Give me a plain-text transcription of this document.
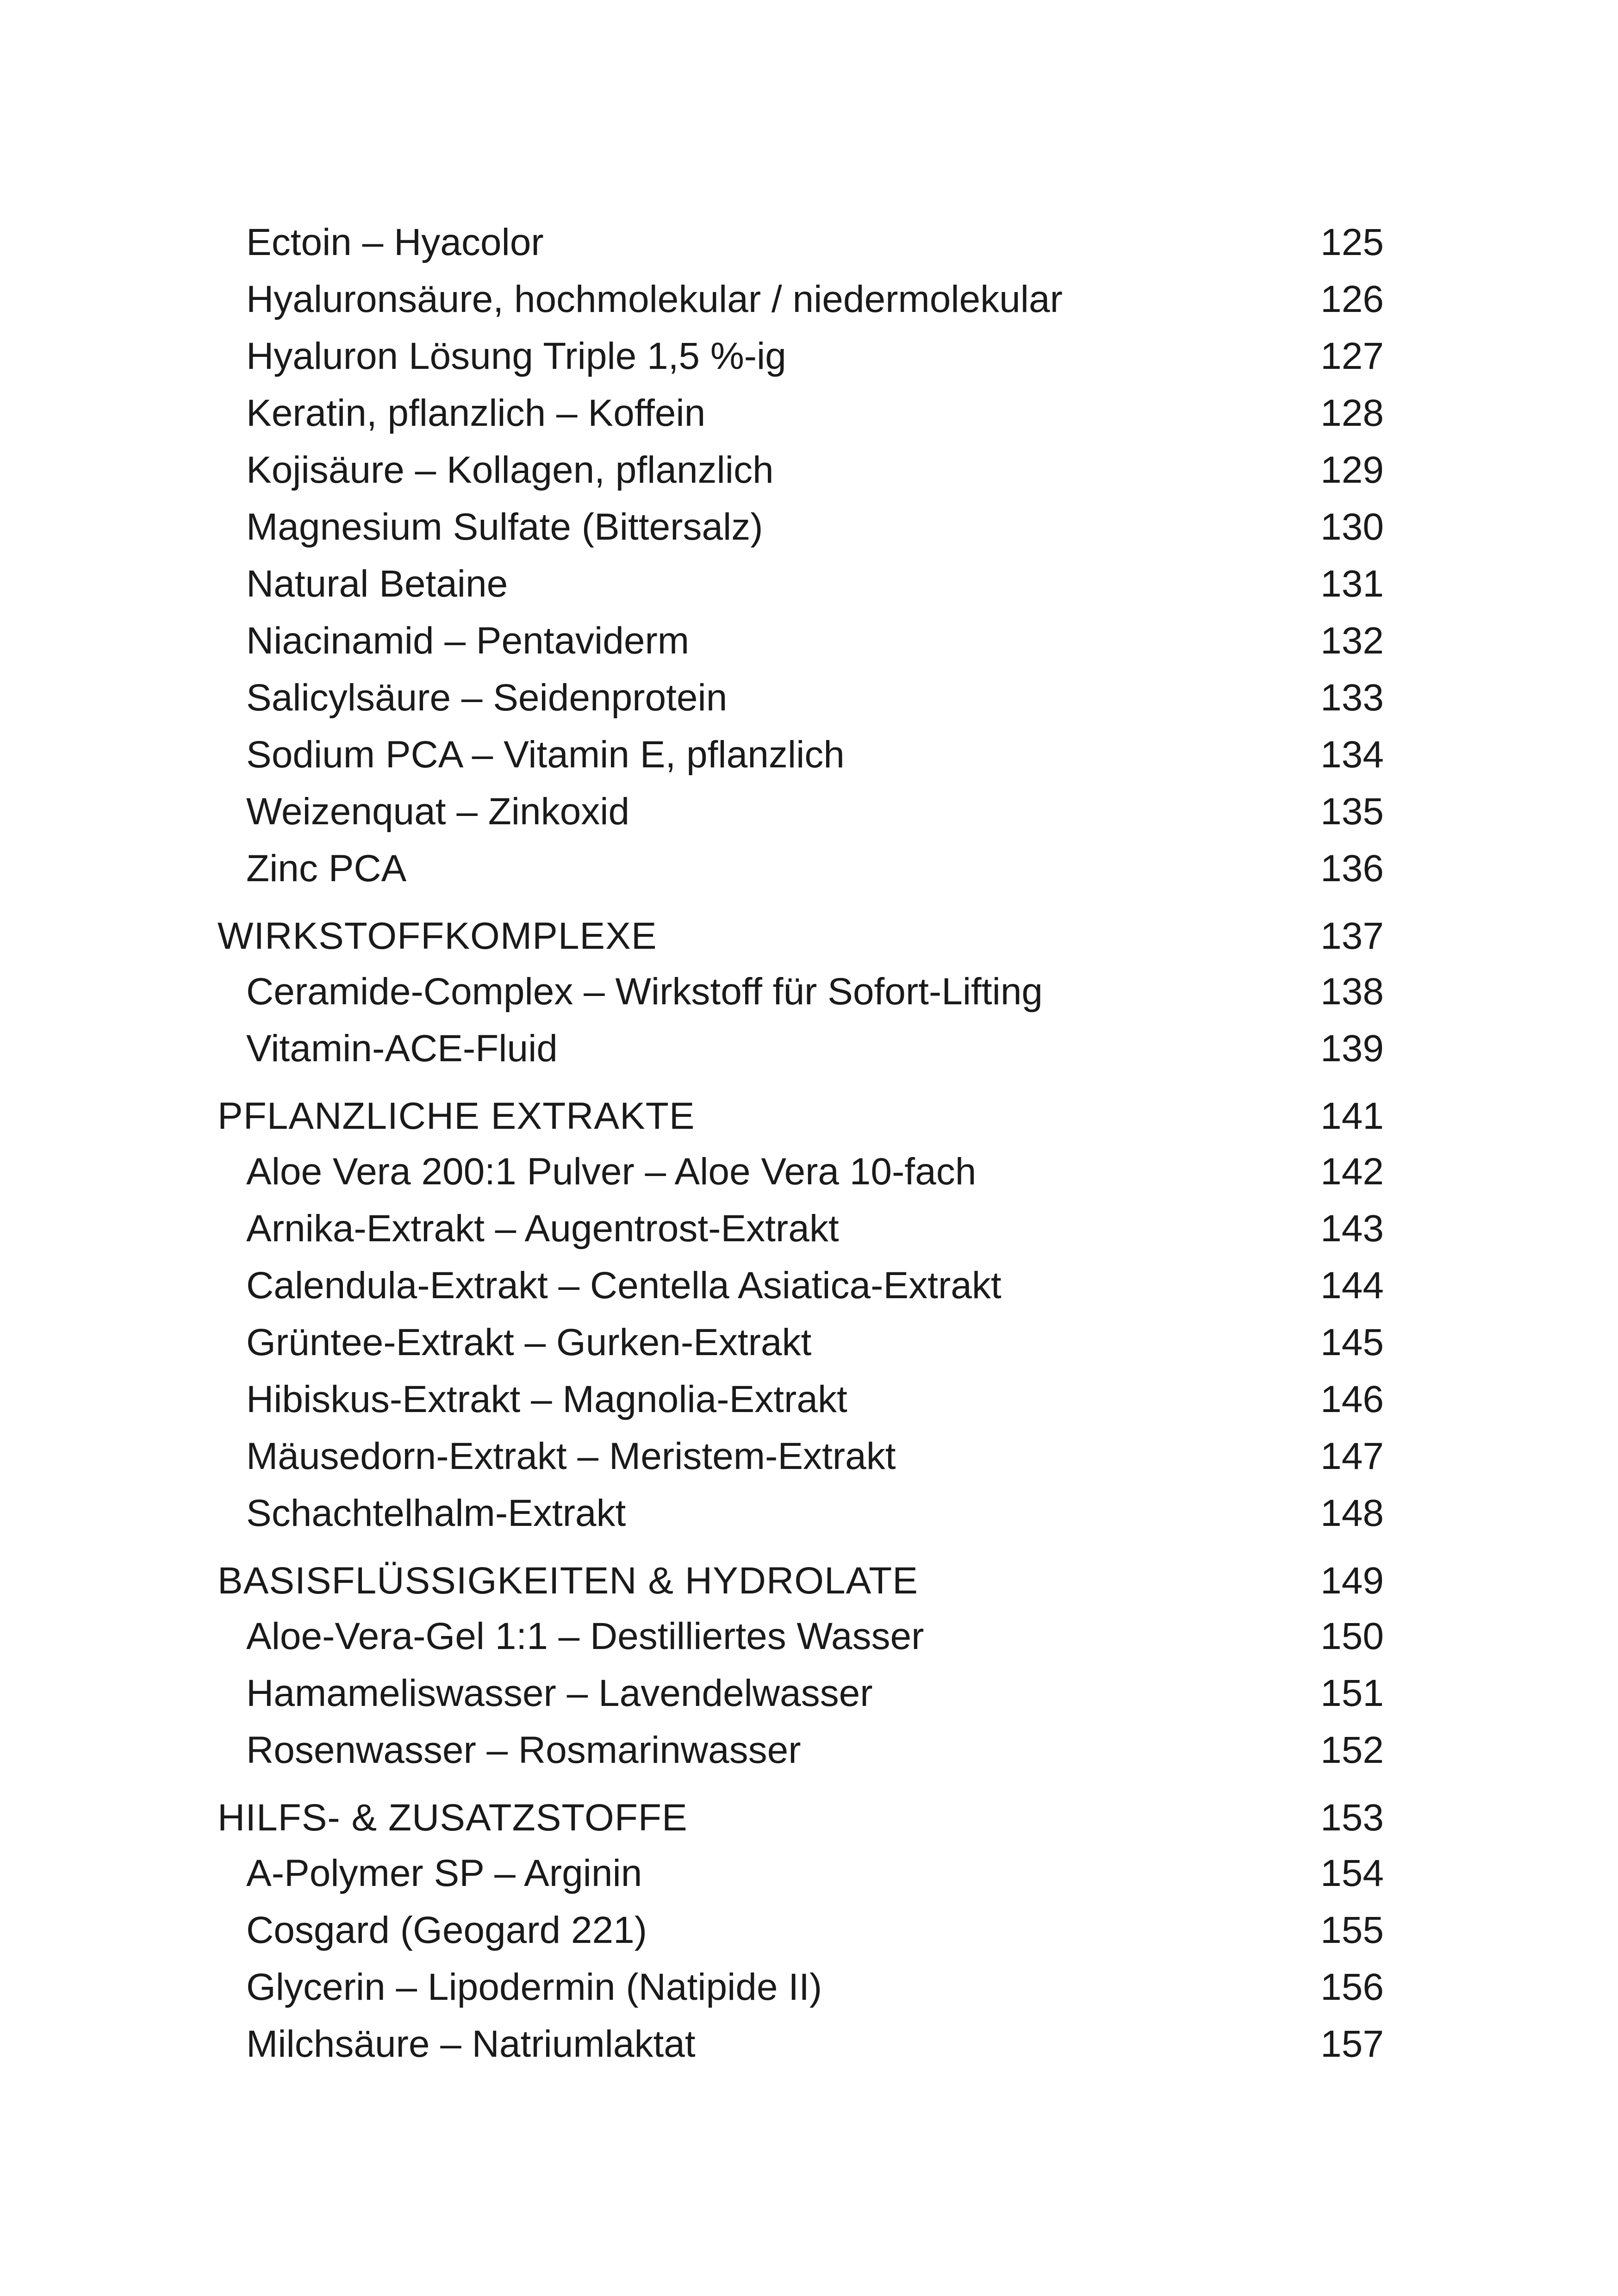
Ectoin – Hyacolor	125
Hyaluronsäure, hochmolekular / niedermolekular	126
Hyaluron Lösung Triple 1,5 %-ig	127
Keratin, pflanzlich – Koffein	128
Kojisäure – Kollagen, pflanzlich	129
Magnesium Sulfate (Bittersalz)	130
Natural Betaine	131
Niacinamid – Pentaviderm	132
Salicylsäure – Seidenprotein	133
Sodium PCA – Vitamin E, pflanzlich	134
Weizenquat – Zinkoxid	135
Zinc PCA	136
WIRKSTOFFKOMPLEXE	137
Ceramide-Complex – Wirkstoff für Sofort-Lifting	138
Vitamin-ACE-Fluid	139
PFLANZLICHE EXTRAKTE	141
Aloe Vera 200:1 Pulver – Aloe Vera 10-fach	142
Arnika-Extrakt – Augentrost-Extrakt	143
Calendula-Extrakt – Centella Asiatica-Extrakt	144
Grüntee-Extrakt – Gurken-Extrakt	145
Hibiskus-Extrakt – Magnolia-Extrakt	146
Mäusedorn-Extrakt – Meristem-Extrakt	147
Schachtelhalm-Extrakt	148
BASISFLÜSSIGKEITEN & HYDROLATE	149
Aloe-Vera-Gel 1:1 – Destilliertes Wasser	150
Hamameliswasser – Lavendelwasser	151
Rosenwasser – Rosmarinwasser	152
HILFS- & ZUSATZSTOFFE	153
A-Polymer SP – Arginin	154
Cosgard (Geogard 221)	155
Glycerin – Lipodermin (Natipide II)	156
Milchsäure – Natriumlaktat	157
